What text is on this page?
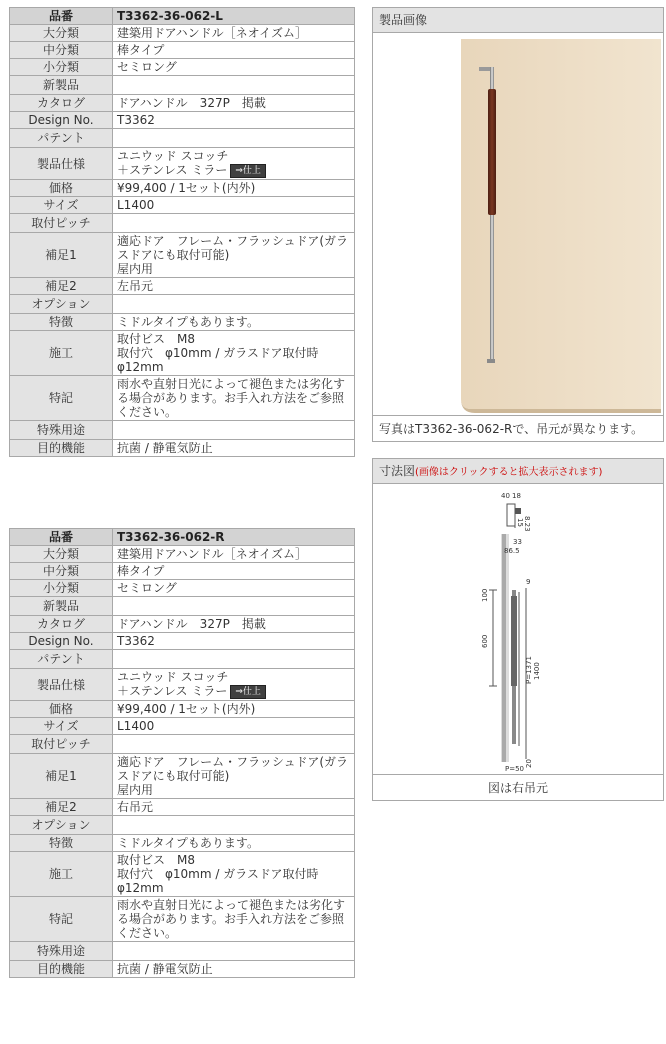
品番	T3362-36-062-L

大分類	建築用ドアハンドル［ネオイズム］

中分類	棒タイプ

小分類	セミロング

新製品	

カタログ	ドアハンドル　327P　掲載

Design No.	T3362

パテント	

製品仕様	ユニウッド スコッチ
＋ステンレス ミラー ⇒仕上

価格	¥99,400 / 1セット(内外)

サイズ	L1400

取付ピッチ	

補足1	適応ドア　フレーム・フラッシュドア(ガラスドアにも取付可能)
屋内用

補足2	左吊元

オプション	

特徴	ミドルタイプもあります。

施工	取付ビス　M8
取付穴　φ10mm / ガラスドア取付時
φ12mm

特記	雨水や直射日光によって褪色または劣化する場合があります。お手入れ方法をご参照ください。

特殊用途	

目的機能	抗菌 / 静電気防止
品番	T3362-36-062-R

大分類	建築用ドアハンドル［ネオイズム］

中分類	棒タイプ

小分類	セミロング

新製品	

カタログ	ドアハンドル　327P　掲載

Design No.	T3362

パテント	

製品仕様	ユニウッド スコッチ
＋ステンレス ミラー ⇒仕上

価格	¥99,400 / 1セット(内外)

サイズ	L1400

取付ピッチ	

補足1	適応ドア　フレーム・フラッシュドア(ガラスドアにも取付可能)
屋内用

補足2	右吊元

オプション	

特徴	ミドルタイプもあります。

施工	取付ビス　M8
取付穴　φ10mm / ガラスドア取付時
φ12mm

特記	雨水や直射日光によって褪色または劣化する場合があります。お手入れ方法をご参照ください。

特殊用途	

目的機能	抗菌 / 静電気防止
製品画像
写真はT3362-36-062-Rで、吊元が異なります。
寸法図(画像はクリックすると拡大表示されます)
40 18
8.23
15
33
86.5
9
100
600
P=1371 1400
P=50
20
図は右吊元
